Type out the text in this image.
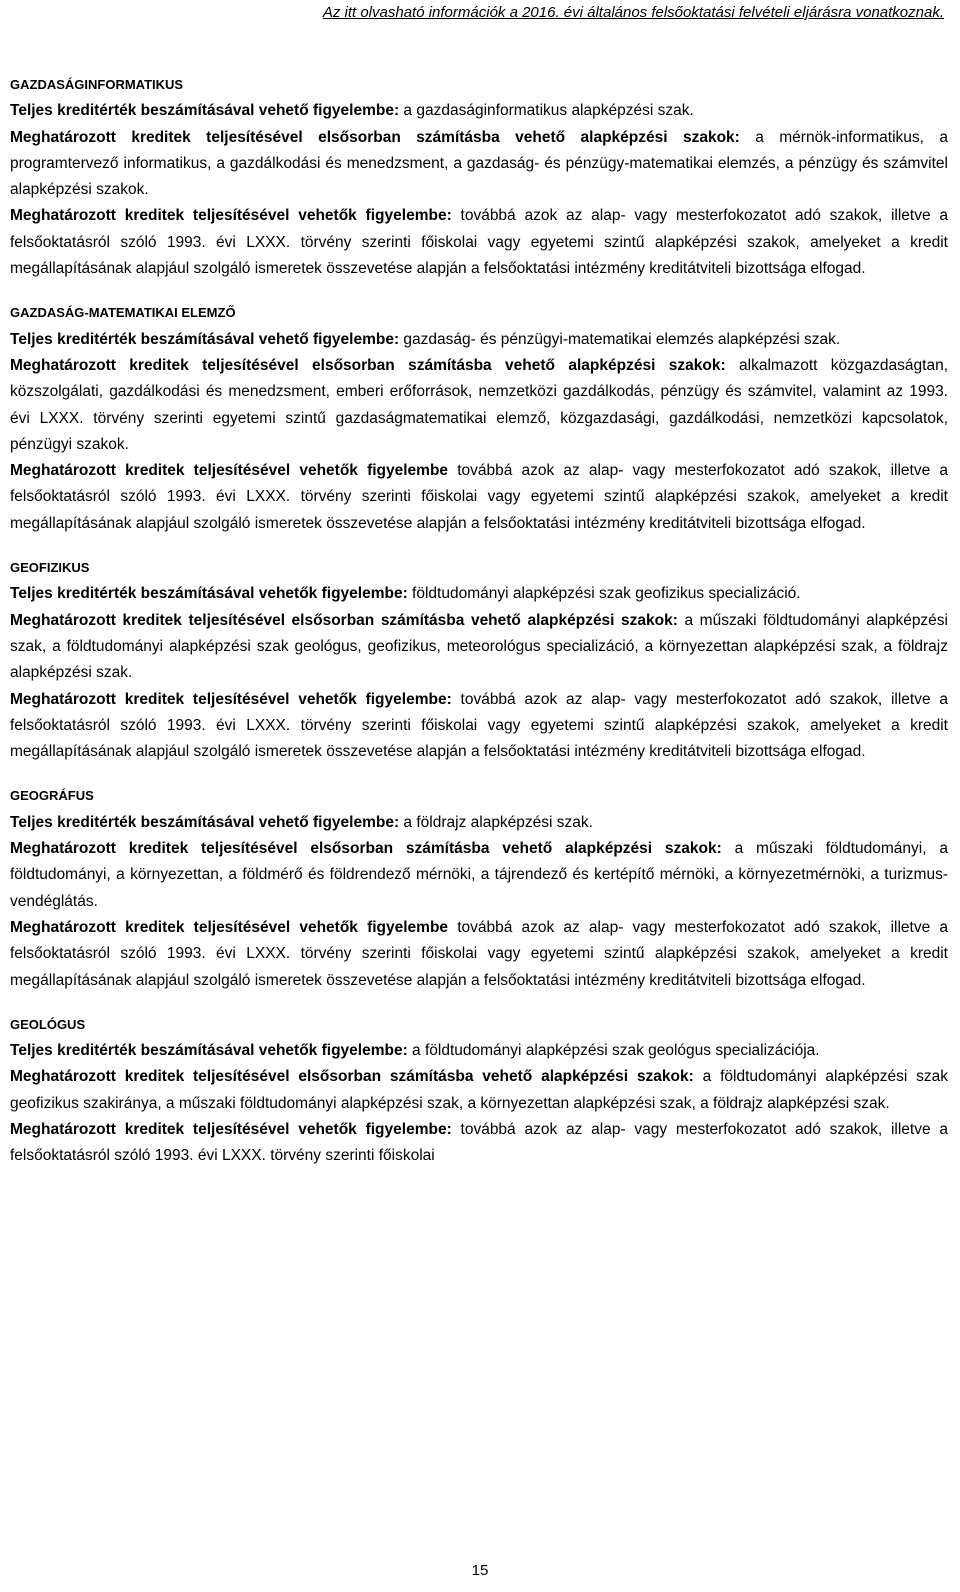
Az itt olvasható információk a 2016. évi általános felsőoktatási felvételi eljárásra vonatkoznak.
GAZDASÁGINFORMATIKUS

Teljes kreditérték beszámításával vehető figyelembe: a gazdaságinformatikus alapképzési szak.

Meghatározott kreditek teljesítésével elsősorban számításba vehető alapképzési szakok: a mérnök-informatikus, a programtervező informatikus, a gazdálkodási és menedzsment, a gazdaság- és pénzügy-matematikai elemzés, a pénzügy és számvitel alapképzési szakok.

Meghatározott kreditek teljesítésével vehetők figyelembe: továbbá azok az alap- vagy mesterfokozatot adó szakok, illetve a felsőoktatásról szóló 1993. évi LXXX. törvény szerinti főiskolai vagy egyetemi szintű alapképzési szakok, amelyeket a kredit megállapításának alapjául szolgáló ismeretek összevetése alapján a felsőoktatási intézmény kreditátviteli bizottsága elfogad.

GAZDASÁG-MATEMATIKAI ELEMZŐ

Teljes kreditérték beszámításával vehető figyelembe: gazdaság- és pénzügyi-matematikai elemzés alapképzési szak.

Meghatározott kreditek teljesítésével elsősorban számításba vehető alapképzési szakok: alkalmazott közgazdaságtan, közszolgálati, gazdálkodási és menedzsment, emberi erőforrások, nemzetközi gazdálkodás, pénzügy és számvitel, valamint az 1993. évi LXXX. törvény szerinti egyetemi szintű gazdaságmatematikai elemző, közgazdasági, gazdálkodási, nemzetközi kapcsolatok, pénzügyi szakok.

Meghatározott kreditek teljesítésével vehetők figyelembe továbbá azok az alap- vagy mesterfokozatot adó szakok, illetve a felsőoktatásról szóló 1993. évi LXXX. törvény szerinti főiskolai vagy egyetemi szintű alapképzési szakok, amelyeket a kredit megállapításának alapjául szolgáló ismeretek összevetése alapján a felsőoktatási intézmény kreditátviteli bizottsága elfogad.

GEOFIZIKUS

Teljes kreditérték beszámításával vehetők figyelembe: földtudományi alapképzési szak geofizikus specializáció.

Meghatározott kreditek teljesítésével elsősorban számításba vehető alapképzési szakok: a műszaki földtudományi alapképzési szak, a földtudományi alapképzési szak geológus, geofizikus, meteorológus specializáció, a környezettan alapképzési szak, a földrajz alapképzési szak.

Meghatározott kreditek teljesítésével vehetők figyelembe: továbbá azok az alap- vagy mesterfokozatot adó szakok, illetve a felsőoktatásról szóló 1993. évi LXXX. törvény szerinti főiskolai vagy egyetemi szintű alapképzési szakok, amelyeket a kredit megállapításának alapjául szolgáló ismeretek összevetése alapján a felsőoktatási intézmény kreditátviteli bizottsága elfogad.

GEOGRÁFUS

Teljes kreditérték beszámításával vehető figyelembe: a földrajz alapképzési szak.

Meghatározott kreditek teljesítésével elsősorban számításba vehető alapképzési szakok: a műszaki földtudományi, a földtudományi, a környezettan, a földmérő és földrendező mérnöki, a tájrendező és kertépítő mérnöki, a környezetmérnöki, a turizmus-vendéglátás.

Meghatározott kreditek teljesítésével vehetők figyelembe továbbá azok az alap- vagy mesterfokozatot adó szakok, illetve a felsőoktatásról szóló 1993. évi LXXX. törvény szerinti főiskolai vagy egyetemi szintű alapképzési szakok, amelyeket a kredit megállapításának alapjául szolgáló ismeretek összevetése alapján a felsőoktatási intézmény kreditátviteli bizottsága elfogad.

GEOLÓGUS

Teljes kreditérték beszámításával vehetők figyelembe: a földtudományi alapképzési szak geológus specializációja.

Meghatározott kreditek teljesítésével elsősorban számításba vehető alapképzési szakok: a földtudományi alapképzési szak geofizikus szakiránya, a műszaki földtudományi alapképzési szak, a környezettan alapképzési szak, a földrajz alapképzési szak.

Meghatározott kreditek teljesítésével vehetők figyelembe: továbbá azok az alap- vagy mesterfokozatot adó szakok, illetve a felsőoktatásról szóló 1993. évi LXXX. törvény szerinti főiskolai

15
